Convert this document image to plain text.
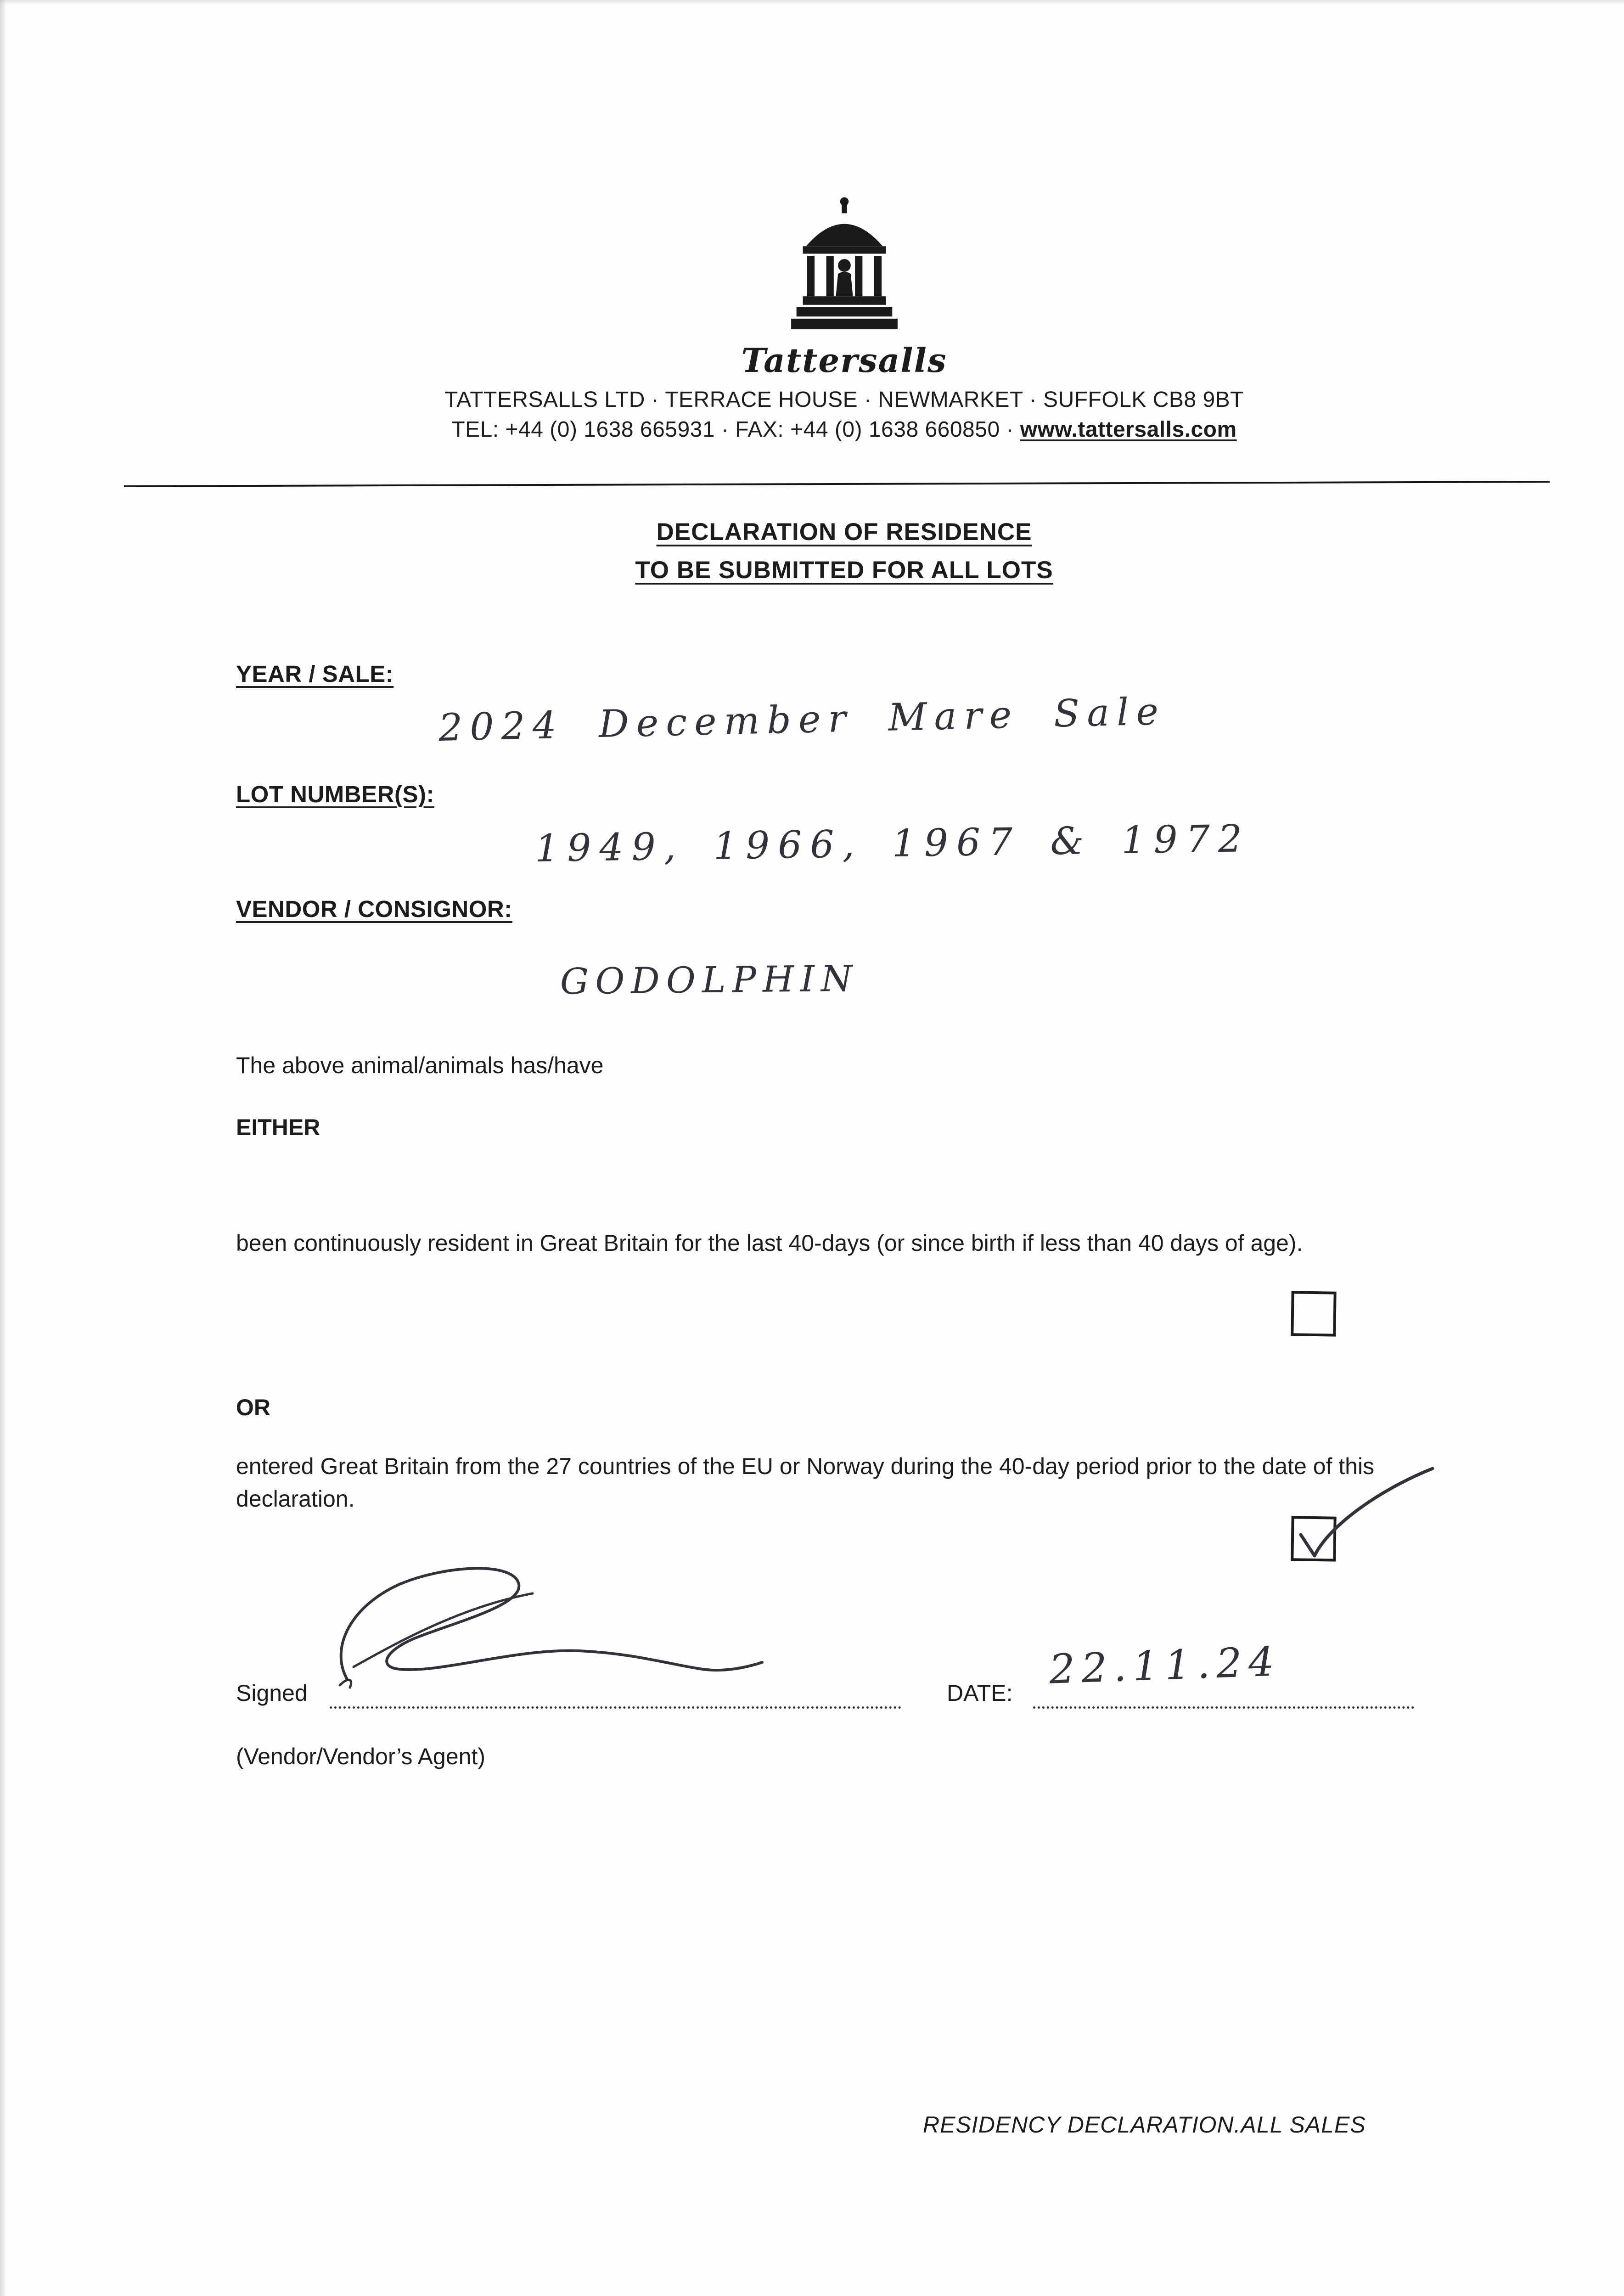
Tattersalls
TATTERSALLS LTD · TERRACE HOUSE · NEWMARKET · SUFFOLK CB8 9BT
TEL: +44 (0) 1638 665931 · FAX: +44 (0) 1638 660850 · www.tattersalls.com
DECLARATION OF RESIDENCE
TO BE SUBMITTED FOR ALL LOTS
YEAR / SALE:
2024 December Mare Sale
LOT NUMBER(S):
1949, 1966, 1967 & 1972
VENDOR / CONSIGNOR:
GODOLPHIN
The above animal/animals has/have
EITHER
been continuously resident in Great Britain for the last 40-days (or since birth if less than 40 days of age).
OR
entered Great Britain from the 27 countries of the EU or Norway during the 40-day period prior to the date of this declaration.
Signed	DATE:
22.11.24
(Vendor/Vendor’s Agent)
RESIDENCY DECLARATION.ALL SALES
